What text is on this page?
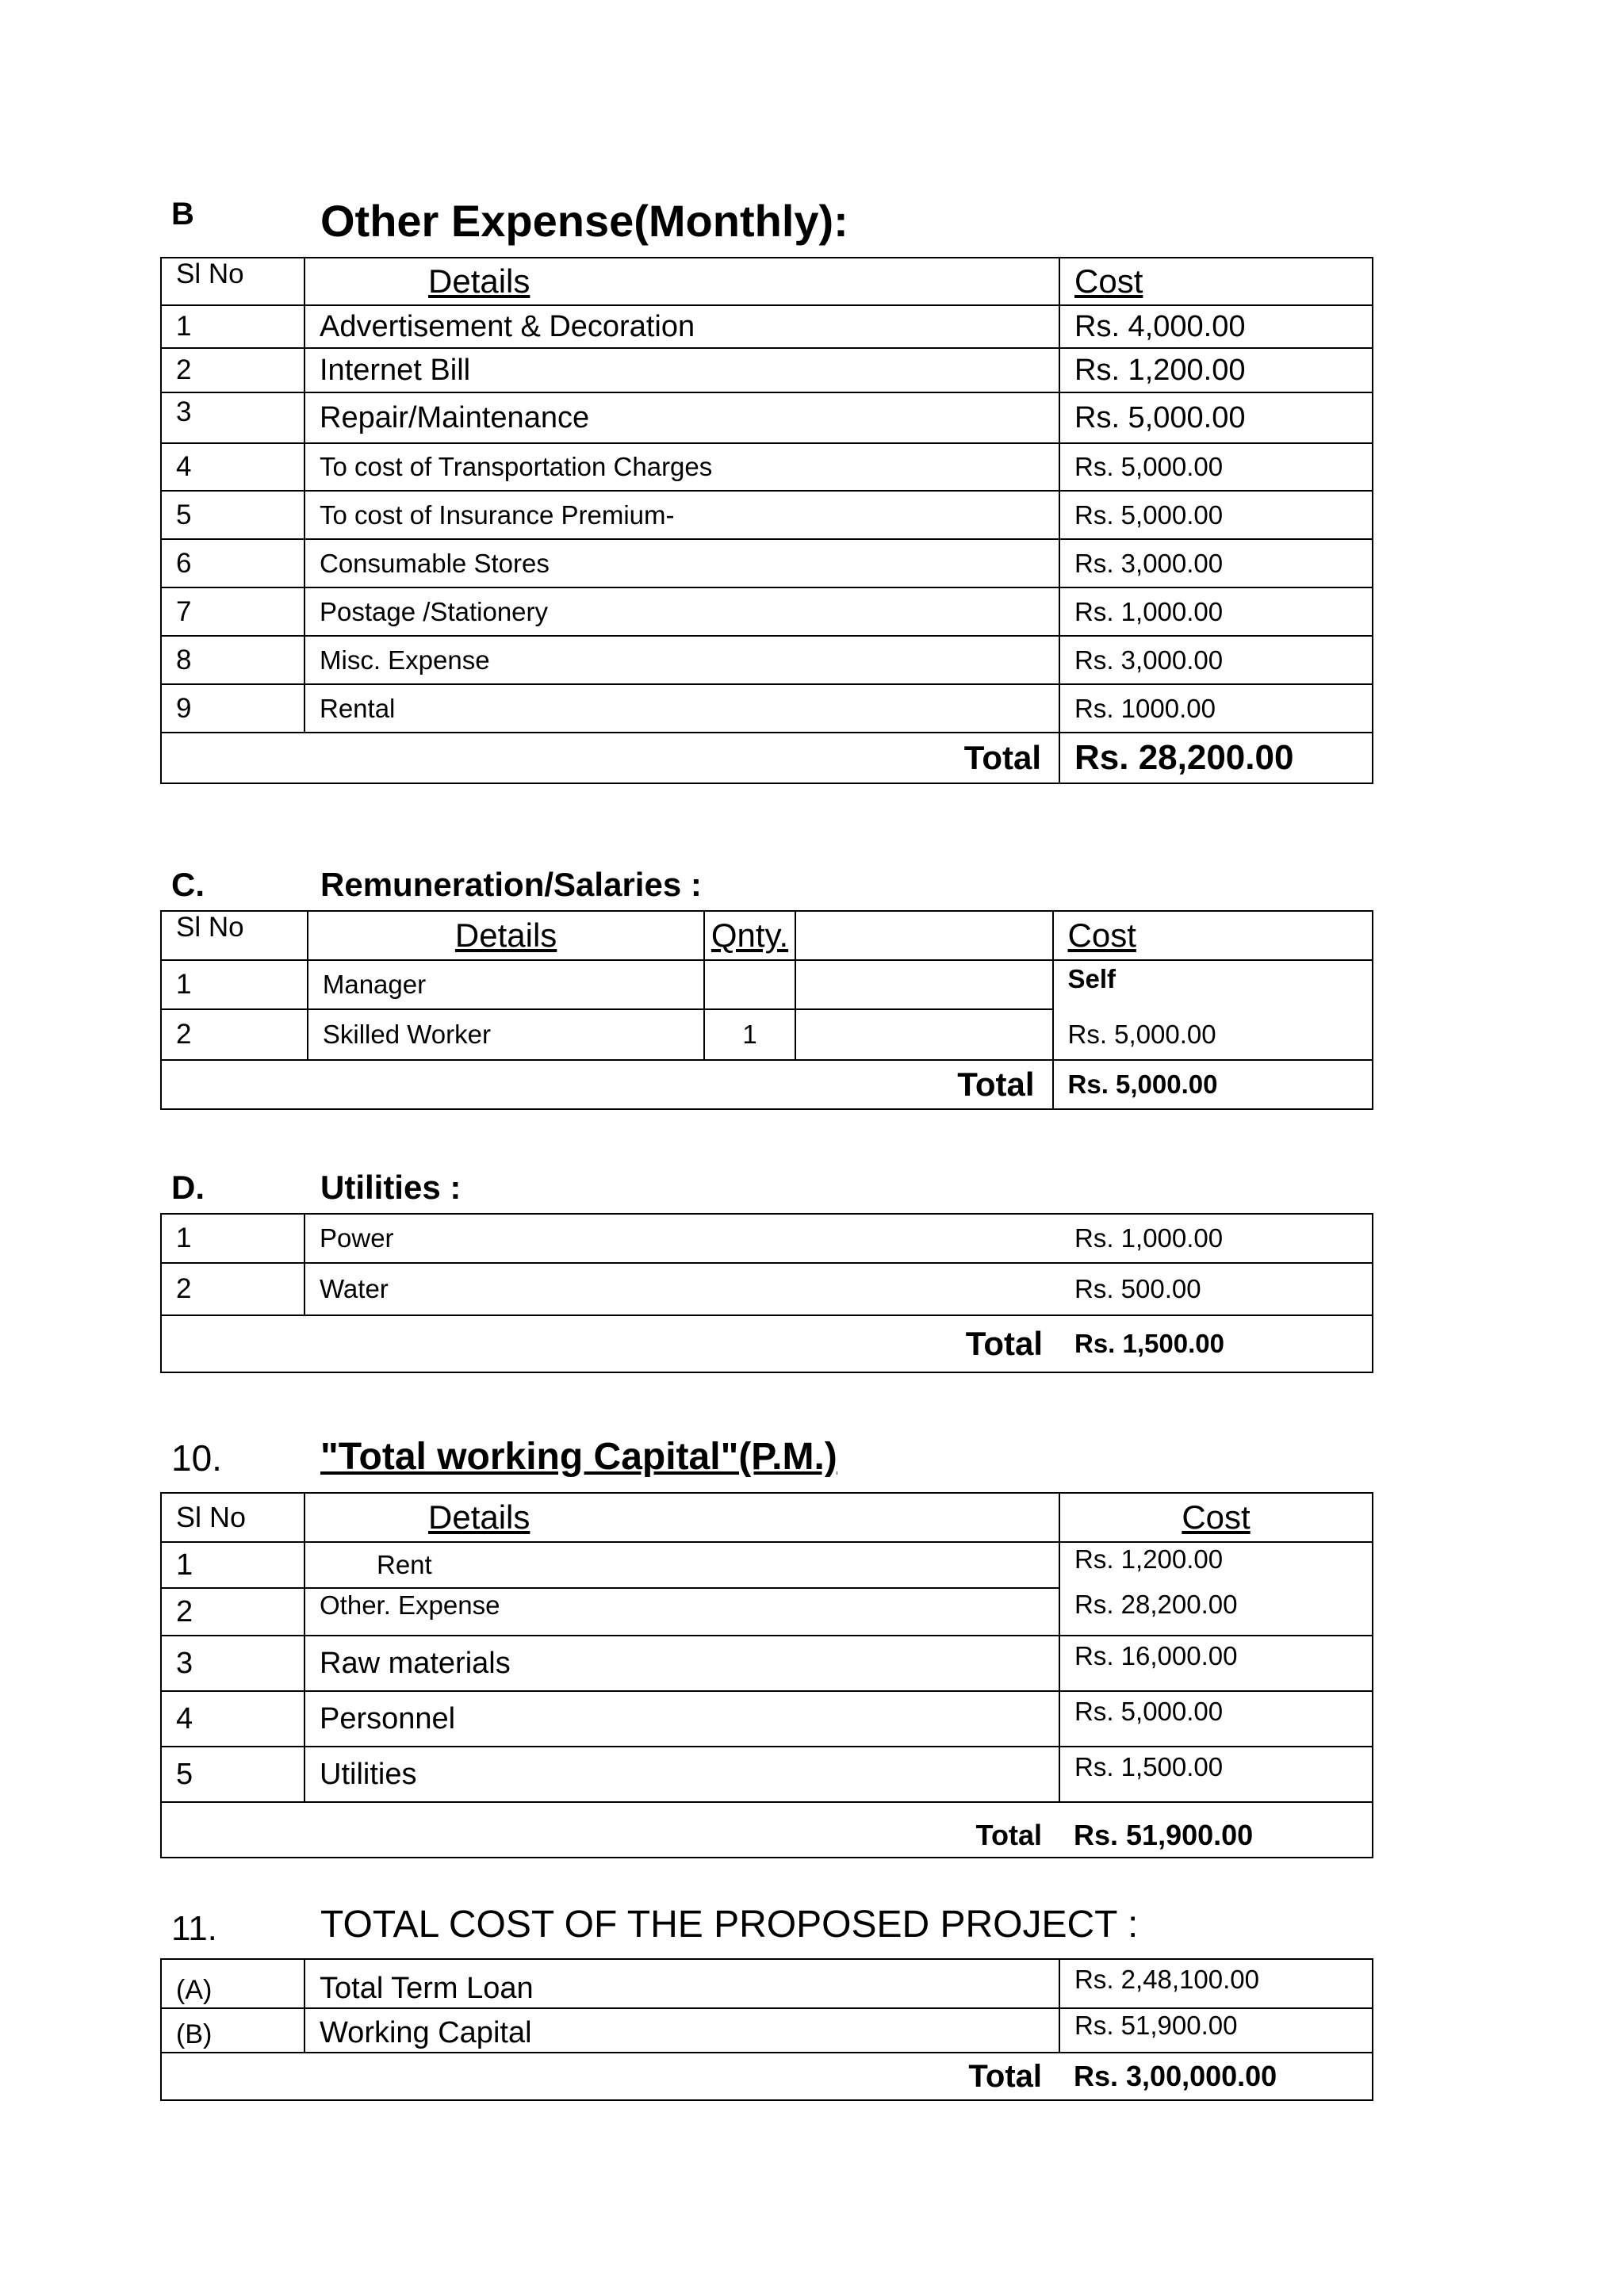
B	Other Expense(Monthly):
Sl No	Details	Cost
1	Advertisement & Decoration	Rs. 4,000.00
2	Internet Bill	Rs. 1,200.00
3	Repair/Maintenance	Rs. 5,000.00
4	To cost of Transportation Charges	Rs. 5,000.00
5	To cost of Insurance Premium-	Rs. 5,000.00
6	Consumable Stores	Rs. 3,000.00
7	Postage /Stationery	Rs. 1,000.00
8	Misc. Expense	Rs. 3,000.00
9	Rental	Rs. 1000.00
Total		Rs. 28,200.00
C.	Remuneration/Salaries :
Sl No	Details	Qnty.		Cost
1	Manager			Self
2	Skilled Worker	1		Rs. 5,000.00
Total				Rs. 5,000.00
D.	Utilities :
1	Power	Rs. 1,000.00
2	Water	Rs. 500.00
Total		Rs. 1,500.00
10.	"Total working Capital"(P.M.)
Sl No	Details	Cost
1	Rent	Rs. 1,200.00
2	Other. Expense	Rs. 28,200.00
3	Raw materials	Rs. 16,000.00
4	Personnel	Rs. 5,000.00
5	Utilities	Rs. 1,500.00
Total		Rs. 51,900.00
11.	TOTAL COST OF THE PROPOSED PROJECT :
(A)	Total Term Loan	Rs. 2,48,100.00
(B)	Working Capital	Rs. 51,900.00
Total		Rs. 3,00,000.00
